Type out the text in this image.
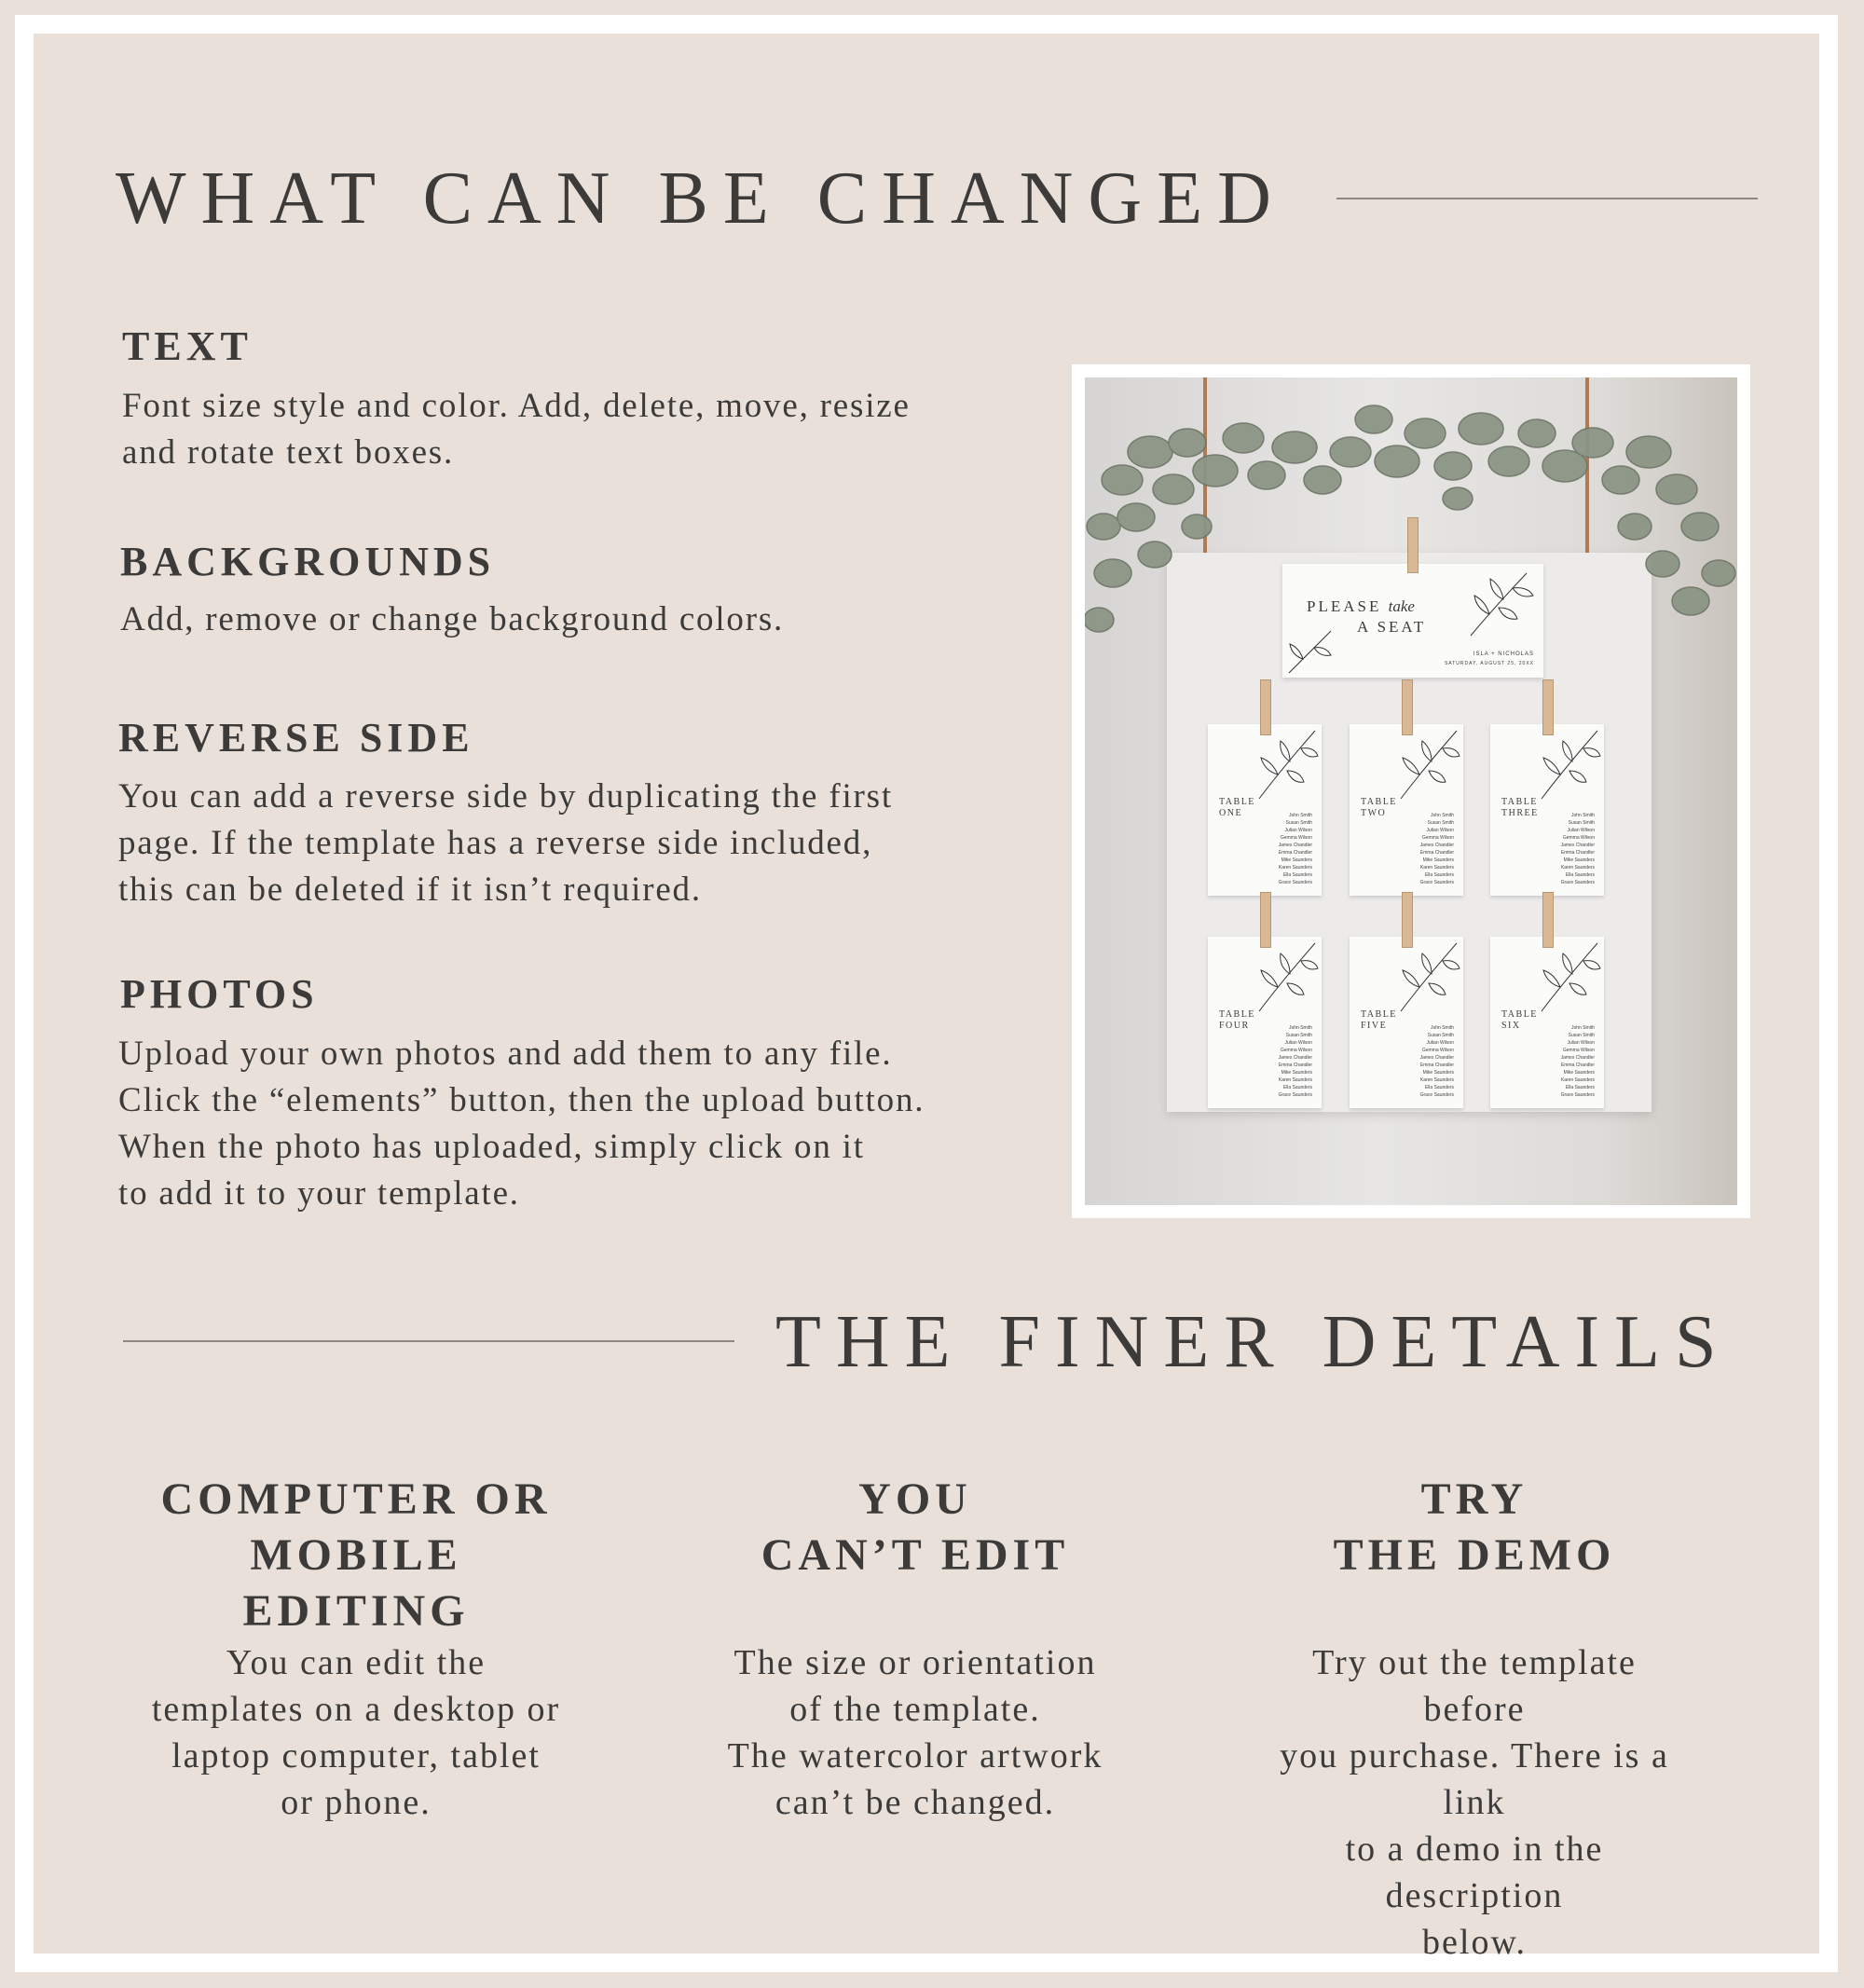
WHAT CAN BE CHANGED
TEXT

Font size style and color. Add, delete, move, resize
and rotate text boxes.

BACKGROUNDS

Add, remove or change background colors.

REVERSE SIDE

You can add a reverse side by duplicating the first
page. If the template has a reverse side included,
this can be deleted if it isn’t required.

PHOTOS

Upload your own photos and add them to any file.
Click the “elements” button, then the upload button.
When the photo has uploaded, simply click on it
to add it to your template.

PLEASE take
A SEAT
ISLA + NICHOLAS
SATURDAY, AUGUST 25, 20XX
TABLE
ONE
TABLE
TWO
TABLE
THREE
TABLE
FOUR
TABLE
FIVE
TABLE
SIX
John Smith
Susan Smith
Julian Wilson
Gemma Wilson
James Chandler
Emma Chandler
Mike Saunders
Karen Saunders
Ella Saunders
Grace Saunders
John Smith
Susan Smith
Julian Wilson
Gemma Wilson
James Chandler
Emma Chandler
Mike Saunders
Karen Saunders
Ella Saunders
Grace Saunders
John Smith
Susan Smith
Julian Wilson
Gemma Wilson
James Chandler
Emma Chandler
Mike Saunders
Karen Saunders
Ella Saunders
Grace Saunders
John Smith
Susan Smith
Julian Wilson
Gemma Wilson
James Chandler
Emma Chandler
Mike Saunders
Karen Saunders
Ella Saunders
Grace Saunders
John Smith
Susan Smith
Julian Wilson
Gemma Wilson
James Chandler
Emma Chandler
Mike Saunders
Karen Saunders
Ella Saunders
Grace Saunders
John Smith
Susan Smith
Julian Wilson
Gemma Wilson
James Chandler
Emma Chandler
Mike Saunders
Karen Saunders
Ella Saunders
Grace Saunders
THE FINER DETAILS
COMPUTER OR
MOBILE EDITING

You can edit the
templates on a desktop or
laptop computer, tablet
or phone.

YOU
CAN’T EDIT

The size or orientation
of the template.
The watercolor artwork
can’t be changed.

TRY
THE DEMO

Try out the template before
you purchase. There is a link
to a demo in the description
below.
